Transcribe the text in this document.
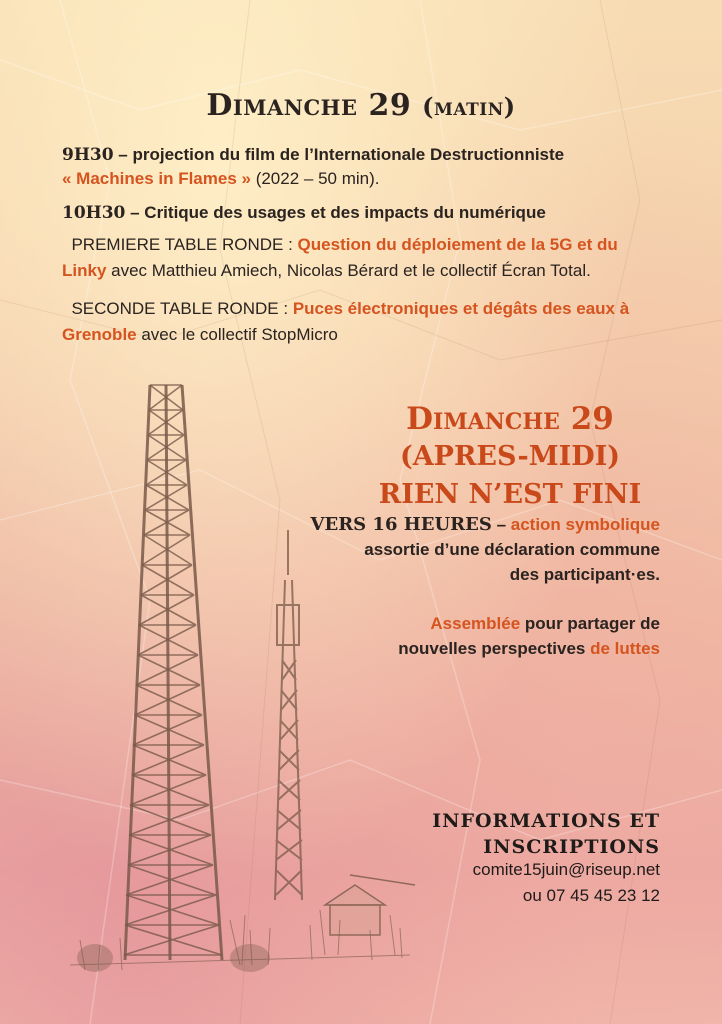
Dimanche 29 (matin)
9H30 – projection du film de l’Internationale Destructionniste
« Machines in Flames » (2022 – 50 min).
10H30 – Critique des usages et des impacts du numérique
PREMIERE TABLE RONDE : Question du déploiement de la 5G et du
Linky avec Matthieu Amiech, Nicolas Bérard et le collectif Écran Total.
SECONDE TABLE RONDE : Puces électroniques et dégâts des eaux à
Grenoble avec le collectif StopMicro
Dimanche 29
(APRES-MIDI)
RIEN N’EST FINI
VERS 16 HEURES – action symbolique
assortie d’une déclaration commune
des participant·es.
Assemblée pour partager de
nouvelles perspectives de luttes
INFORMATIONS ET
INSCRIPTIONS
comite15juin@riseup.net
ou 07 45 45 23 12
